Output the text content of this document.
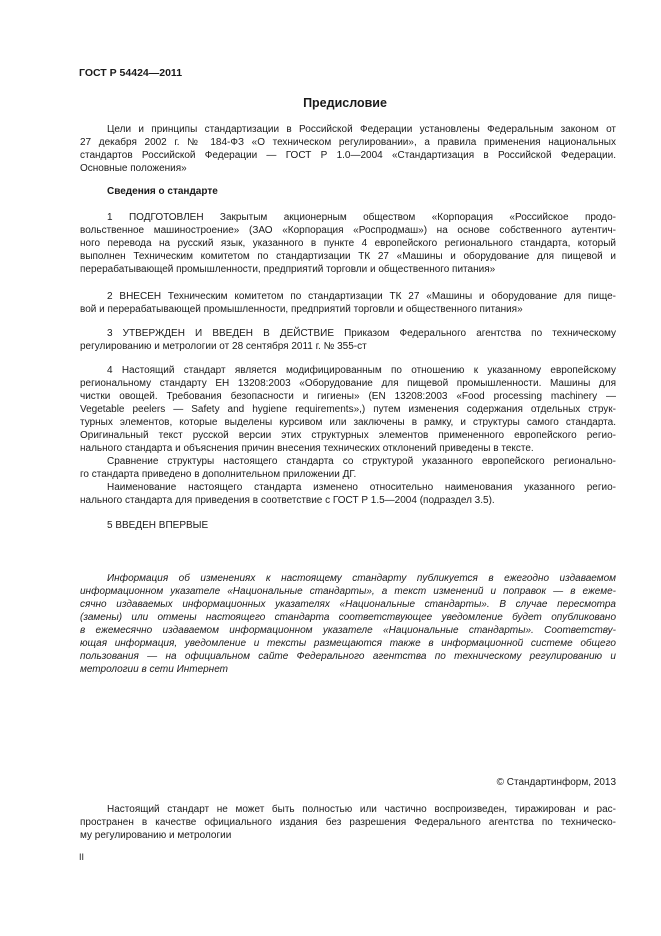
ГОСТ Р 54424—2011
Предисловие
Цели и принципы стандартизации в Российской Федерации установлены Федеральным законом от
27 декабря 2002 г. № 184-ФЗ «О техническом регулировании», а правила применения национальных
стандартов Российской Федерации — ГОСТ Р 1.0—2004 «Стандартизация в Российской Федерации.
Основные положения»
Сведения о стандарте
1 ПОДГОТОВЛЕН Закрытым акционерным обществом «Корпорация «Российское продо-
вольственное машиностроение» (ЗАО «Корпорация «Роспродмаш») на основе собственного аутентич-
ного перевода на русский язык, указанного в пункте 4 европейского регионального стандарта, который
выполнен Техническим комитетом по стандартизации ТК 27 «Машины и оборудование для пищевой и
перерабатывающей промышленности, предприятий торговли и общественного питания»
2 ВНЕСЕН Техническим комитетом по стандартизации ТК 27 «Машины и оборудование для пище-
вой и перерабатывающей промышленности, предприятий торговли и общественного питания»
3 УТВЕРЖДЕН И ВВЕДЕН В ДЕЙСТВИЕ Приказом Федерального агентства по техническому
регулированию и метрологии от 28 сентября 2011 г. № 355-ст
4 Настоящий стандарт является модифицированным по отношению к указанному европейскому
региональному стандарту ЕН 13208:2003 «Оборудование для пищевой промышленности. Машины для
чистки овощей. Требования безопасности и гигиены» (EN 13208:2003 «Food processing machinery —
Vegetable peelers — Safety and hygiene requirements»,) путем изменения содержания отдельных струк-
турных элементов, которые выделены курсивом или заключены в рамку, и структуры самого стандарта.
Оригинальный текст русской версии этих структурных элементов примененного европейского регио-
нального стандарта и объяснения причин внесения технических отклонений приведены в тексте.
Сравнение структуры настоящего стандарта со структурой указанного европейского регионально-
го стандарта приведено в дополнительном приложении ДГ.
Наименование настоящего стандарта изменено относительно наименования указанного регио-
нального стандарта для приведения в соответствие с ГОСТ Р 1.5—2004 (подраздел 3.5).
5 ВВЕДЕН ВПЕРВЫЕ
Информация об изменениях к настоящему стандарту публикуется в ежегодно издаваемом
информационном указателе «Национальные стандарты», а текст изменений и поправок — в ежеме-
сячно издаваемых информационных указателях «Национальные стандарты». В случае пересмотра
(замены) или отмены настоящего стандарта соответствующее уведомление будет опубликовано
в ежемесячно издаваемом информационном указателе «Национальные стандарты». Соответству-
ющая информация, уведомление и тексты размещаются также в информационной системе общего
пользования — на официальном сайте Федерального агентства по техническому регулированию и
метрологии в сети Интернет
© Стандартинформ, 2013
Настоящий стандарт не может быть полностью или частично воспроизведен, тиражирован и рас-
пространен в качестве официального издания без разрешения Федерального агентства по техническо-
му регулированию и метрологии
II
